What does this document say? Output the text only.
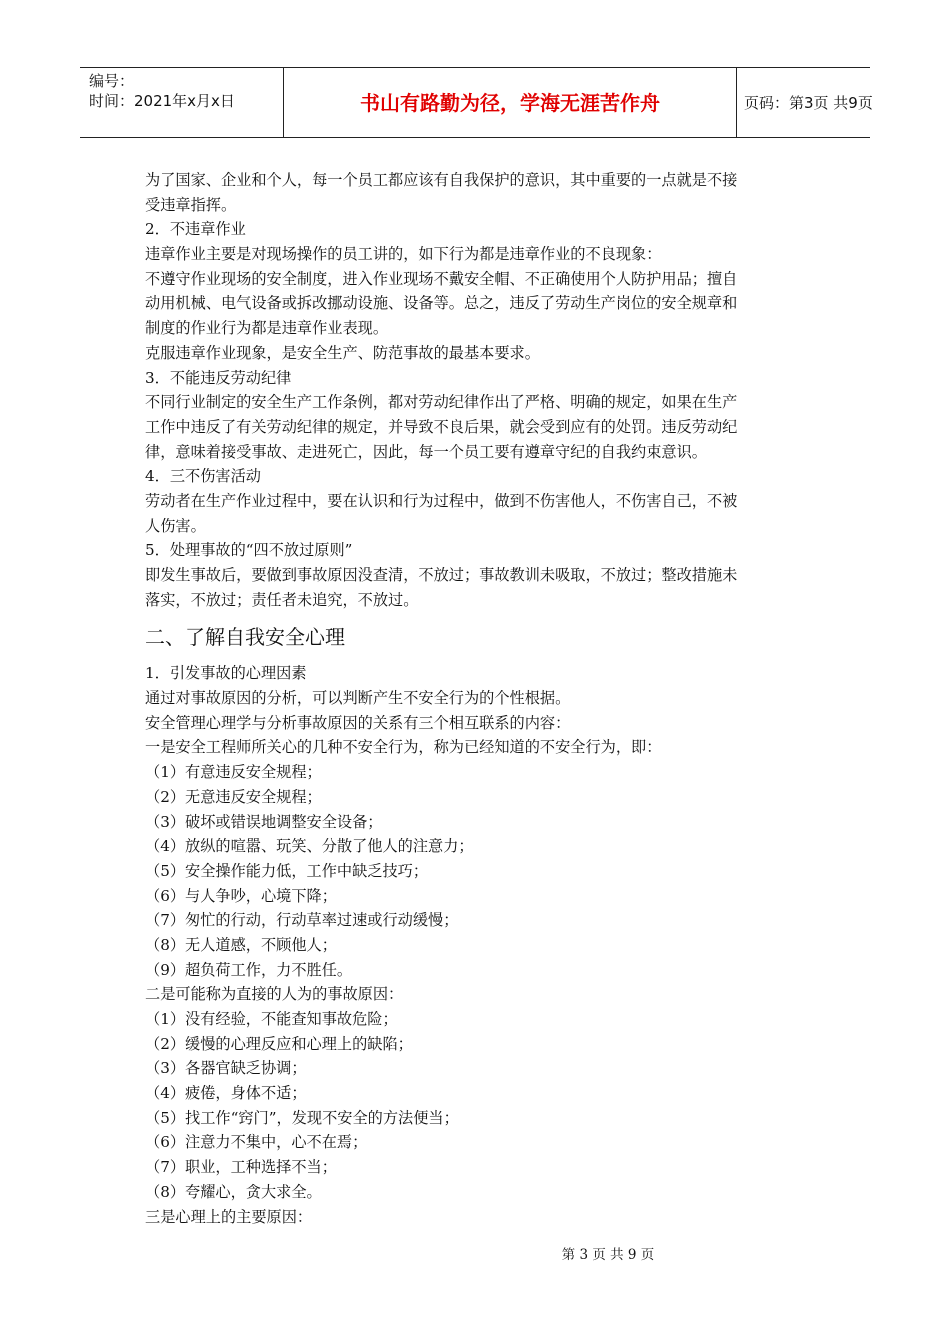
编号：
时间：2021年x月x日	书山有路勤为径，学海无涯苦作舟	页码：第3页 共9页
为了国家、企业和个人，每一个员工都应该有自我保护的意识，其中重要的一点就是不接
受违章指挥。
2．不违章作业
违章作业主要是对现场操作的员工讲的，如下行为都是违章作业的不良现象：
不遵守作业现场的安全制度，进入作业现场不戴安全帽、不正确使用个人防护用品；擅自
动用机械、电气设备或拆改挪动设施、设备等。总之，违反了劳动生产岗位的安全规章和
制度的作业行为都是违章作业表现。
克服违章作业现象，是安全生产、防范事故的最基本要求。
3．不能违反劳动纪律
不同行业制定的安全生产工作条例，都对劳动纪律作出了严格、明确的规定，如果在生产
工作中违反了有关劳动纪律的规定，并导致不良后果，就会受到应有的处罚。违反劳动纪
律，意味着接受事故、走进死亡，因此，每一个员工要有遵章守纪的自我约束意识。
4．三不伤害活动
劳动者在生产作业过程中，要在认识和行为过程中，做到不伤害他人，不伤害自己，不被
人伤害。
5．处理事故的“四不放过原则”
即发生事故后，要做到事故原因没查清，不放过；事故教训未吸取，不放过；整改措施未
落实，不放过；责任者未追究，不放过。
二、了解自我安全心理
1．引发事故的心理因素
通过对事故原因的分析，可以判断产生不安全行为的个性根据。
安全管理心理学与分析事故原因的关系有三个相互联系的内容：
一是安全工程师所关心的几种不安全行为，称为已经知道的不安全行为，即：
（1）有意违反安全规程；
（2）无意违反安全规程；
（3）破坏或错误地调整安全设备；
（4）放纵的喧嚣、玩笑、分散了他人的注意力；
（5）安全操作能力低，工作中缺乏技巧；
（6）与人争吵，心境下降；
（7）匆忙的行动，行动草率过速或行动缓慢；
（8）无人道感，不顾他人；
（9）超负荷工作，力不胜任。
二是可能称为直接的人为的事故原因：
（1）没有经验，不能查知事故危险；
（2）缓慢的心理反应和心理上的缺陷；
（3）各器官缺乏协调；
（4）疲倦，身体不适；
（5）找工作“窍门”，发现不安全的方法便当；
（6）注意力不集中，心不在焉；
（7）职业，工种选择不当；
（8）夸耀心，贪大求全。
三是心理上的主要原因：
第 3 页 共 9 页
